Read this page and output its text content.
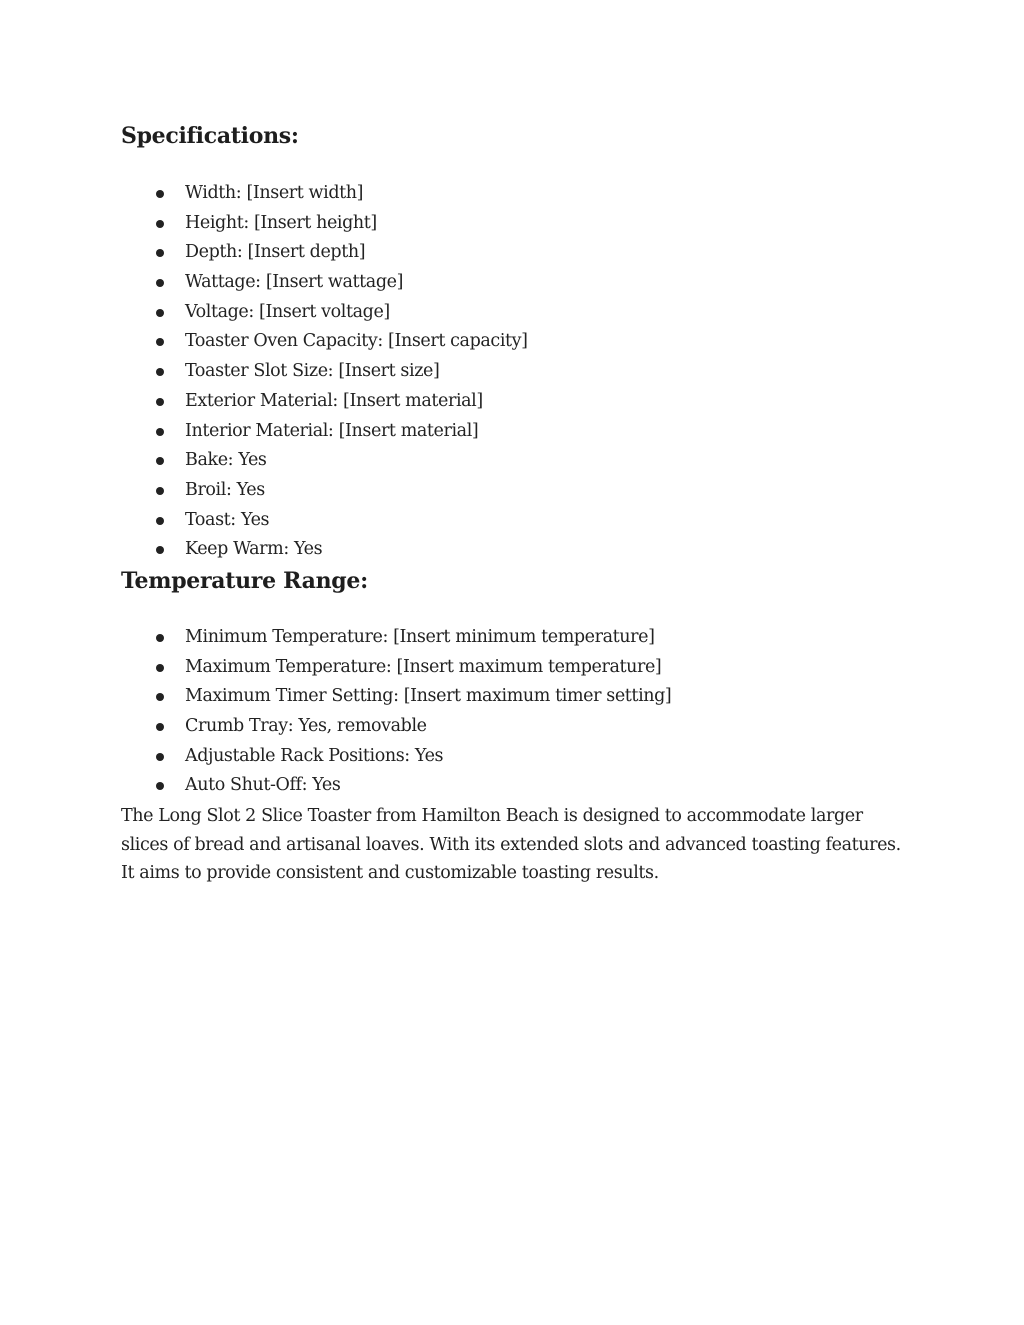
Specifications:
Width: [Insert width]
Height: [Insert height]
Depth: [Insert depth]
Wattage: [Insert wattage]
Voltage: [Insert voltage]
Toaster Oven Capacity: [Insert capacity]
Toaster Slot Size: [Insert size]
Exterior Material: [Insert material]
Interior Material: [Insert material]
Bake: Yes
Broil: Yes
Toast: Yes
Keep Warm: Yes
Temperature Range:
Minimum Temperature: [Insert minimum temperature]
Maximum Temperature: [Insert maximum temperature]
Maximum Timer Setting: [Insert maximum timer setting]
Crumb Tray: Yes, removable
Adjustable Rack Positions: Yes
Auto Shut-Off: Yes

The Long Slot 2 Slice Toaster from Hamilton Beach is designed to accommodate larger slices of bread and artisanal loaves. With its extended slots and advanced toasting features. It aims to provide consistent and customizable toasting results.
